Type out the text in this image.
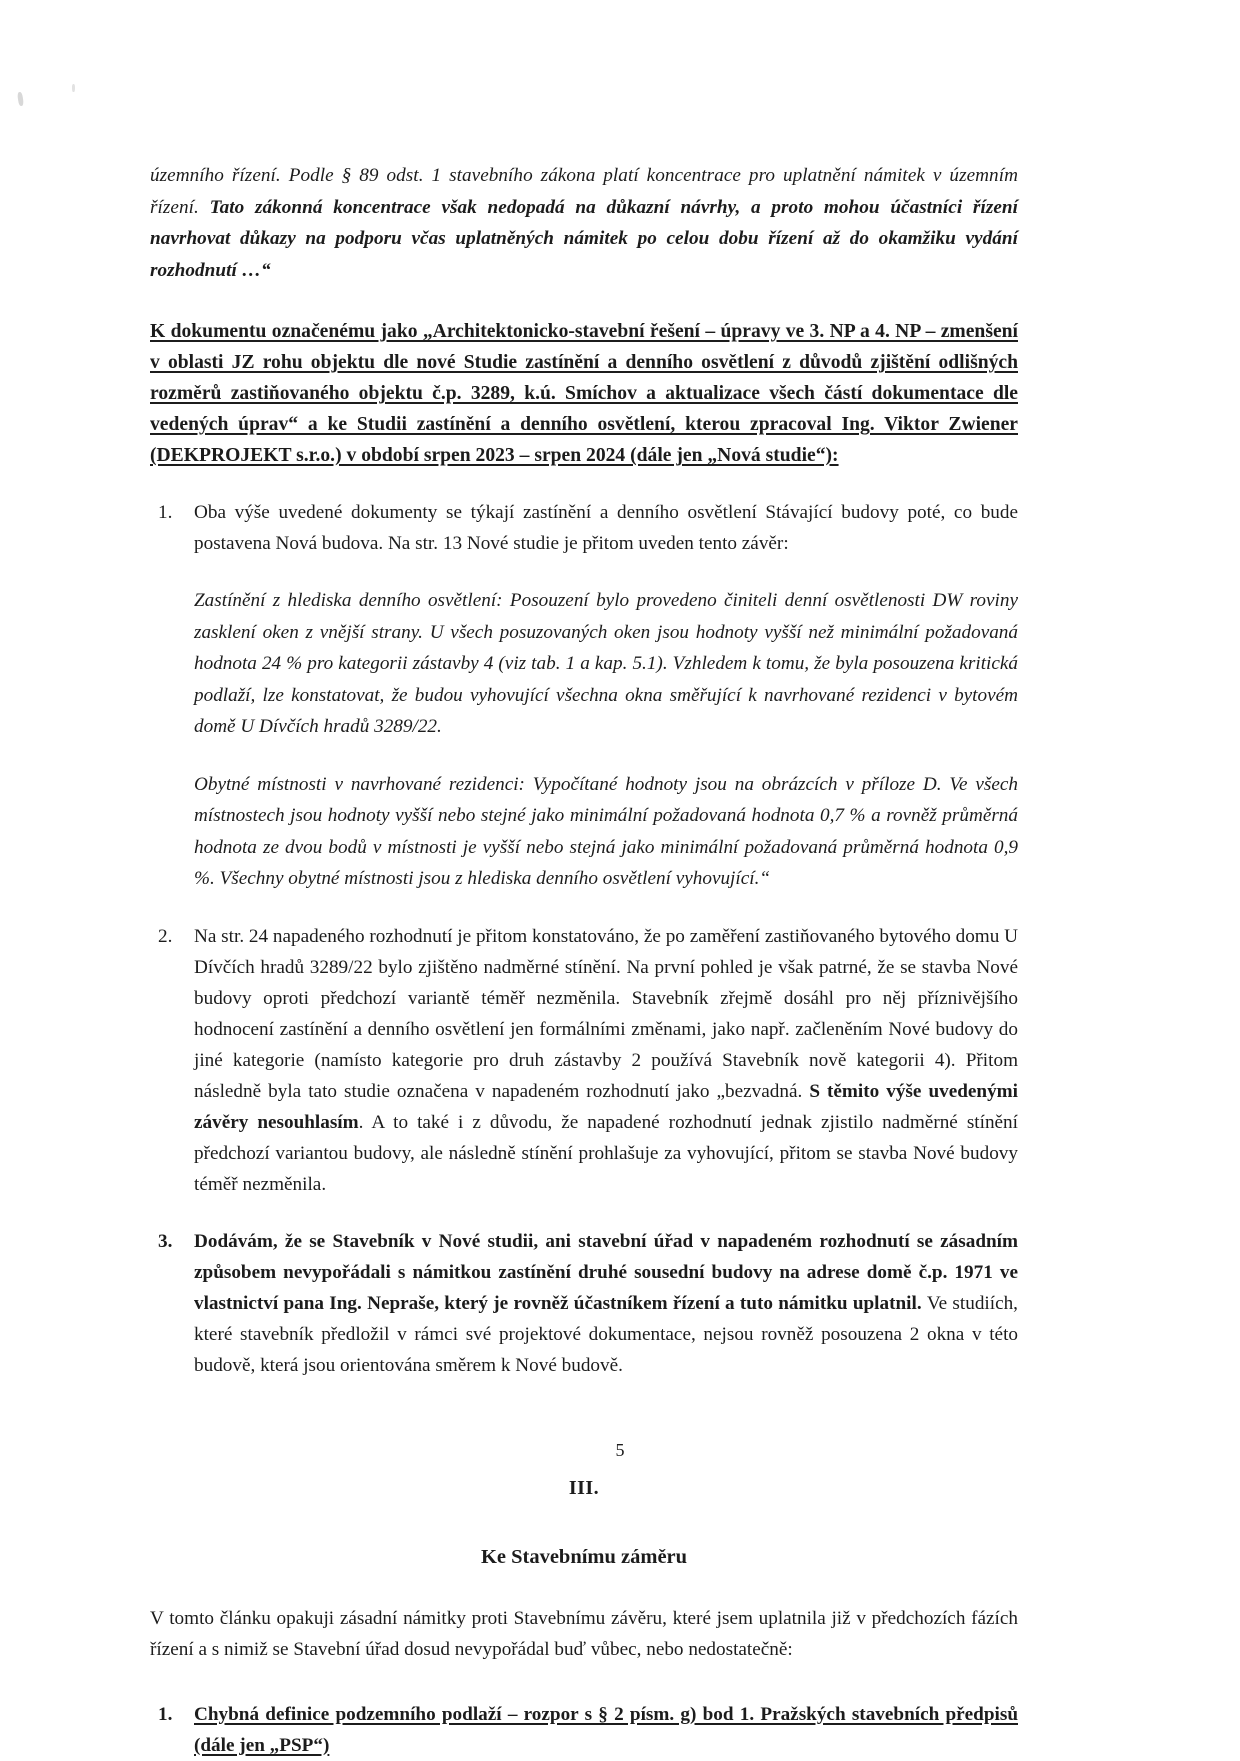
územního řízení. Podle § 89 odst. 1 stavebního zákona platí koncentrace pro uplatnění námitek v územním řízení. Tato zákonná koncentrace však nedopadá na důkazní návrhy, a proto mohou účastníci řízení navrhovat důkazy na podporu včas uplatněných námitek po celou dobu řízení až do okamžiku vydání rozhodnutí …“

K dokumentu označenému jako „Architektonicko-stavební řešení – úpravy ve 3. NP a 4. NP – zmenšení v oblasti JZ rohu objektu dle nové Studie zastínění a denního osvětlení z důvodů zjištění odlišných rozměrů zastiňovaného objektu č.p. 3289, k.ú. Smíchov a aktualizace všech částí dokumentace dle vedených úprav“ a ke Studii zastínění a denního osvětlení, kterou zpracoval Ing. Viktor Zwiener (DEKPROJEKT s.r.o.) v období srpen 2023 – srpen 2024 (dále jen „Nová studie“):

1.	Oba výše uvedené dokumenty se týkají zastínění a denního osvětlení Stávající budovy poté, co bude postavena Nová budova. Na str. 13 Nové studie je přitom uveden tento závěr:

Zastínění z hlediska denního osvětlení: Posouzení bylo provedeno činiteli denní osvětlenosti DW roviny zasklení oken z vnější strany. U všech posuzovaných oken jsou hodnoty vyšší než minimální požadovaná hodnota 24 % pro kategorii zástavby 4 (viz tab. 1 a kap. 5.1). Vzhledem k tomu, že byla posouzena kritická podlaží, lze konstatovat, že budou vyhovující všechna okna směřující k navrhované rezidenci v bytovém domě U Dívčích hradů 3289/22.

Obytné místnosti v navrhované rezidenci: Vypočítané hodnoty jsou na obrázcích v příloze D. Ve všech místnostech jsou hodnoty vyšší nebo stejné jako minimální požadovaná hodnota 0,7 % a rovněž průměrná hodnota ze dvou bodů v místnosti je vyšší nebo stejná jako minimální požadovaná průměrná hodnota 0,9 %. Všechny obytné místnosti jsou z hlediska denního osvětlení vyhovující.“

2.	Na str. 24 napadeného rozhodnutí je přitom konstatováno, že po zaměření zastiňovaného bytového domu U Dívčích hradů 3289/22 bylo zjištěno nadměrné stínění. Na první pohled je však patrné, že se stavba Nové budovy oproti předchozí variantě téměř nezměnila. Stavebník zřejmě dosáhl pro něj příznivějšího hodnocení zastínění a denního osvětlení jen formálními změnami, jako např. začleněním Nové budovy do jiné kategorie (namísto kategorie pro druh zástavby 2 používá Stavebník nově kategorii 4). Přitom následně byla tato studie označena v napadeném rozhodnutí jako „bezvadná. S těmito výše uvedenými závěry nesouhlasím. A to také i z důvodu, že napadené rozhodnutí jednak zjistilo nadměrné stínění předchozí variantou budovy, ale následně stínění prohlašuje za vyhovující, přitom se stavba Nové budovy téměř nezměnila.
3.	Dodávám, že se Stavebník v Nové studii, ani stavební úřad v napadeném rozhodnutí se zásadním způsobem nevypořádali s námitkou zastínění druhé sousední budovy na adrese domě č.p. 1971 ve vlastnictví pana Ing. Nepraše, který je rovněž účastníkem řízení a tuto námitku uplatnil. Ve studiích, které stavebník předložil v rámci své projektové dokumentace, nejsou rovněž posouzena 2 okna v této budově, která jsou orientována směrem k Nové budově.
III.
Ke Stavebnímu záměru

V tomto článku opakuji zásadní námitky proti Stavebnímu závěru, které jsem uplatnila již v předchozích fázích řízení a s nimiž se Stavební úřad dosud nevypořádal buď vůbec, nebo nedostatečně:

1.	Chybná definice podzemního podlaží – rozpor s § 2 písm. g) bod 1. Pražských stavebních předpisů (dále jen „PSP“)
5
